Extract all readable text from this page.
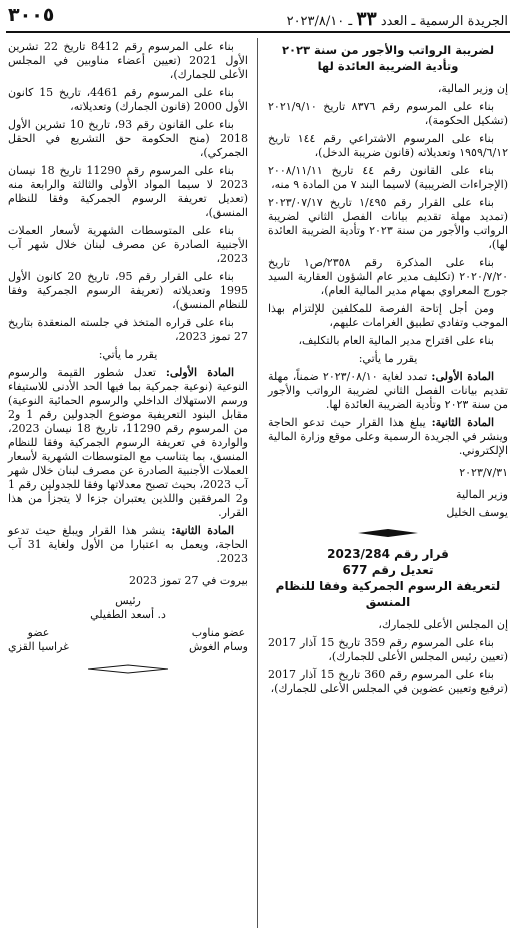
٣٠٠٥	الجريدة الرسمية ـ العدد ٣٣ ـ ٢٠٢٣/٨/١٠
لضريبة الرواتب والأجور من سنة ٢٠٢٣
وتأدية الضريبة العائدة لها

إن وزير المالية،

بناء على المرسوم رقم ٨٣٧٦ تاريخ ٢٠٢١/٩/١٠ (تشكيل الحكومة)،

بناء على المرسوم الاشتراعي رقم ١٤٤ تاريخ ١٩٥٩/٦/١٢ وتعديلاته (قانون ضريبة الدخل)،

بناء على القانون رقم ٤٤ تاريخ ٢٠٠٨/١١/١١ (الإجراءات الضريبية) لاسيما البند ٧ من المادة ٩ منه،

بناء على القرار رقم ١/٤٩٥ تاريخ ٢٠٢٣/٠٧/١٧ (تمديد مهلة تقديم بيانات الفصل الثاني لضريبة الرواتب والأجور من سنة ٢٠٢٣ وتأدية الضريبة العائدة لها)،

بناء على المذكرة رقم ٢٣٥٨/ص١ تاريخ ٢٠٢٠/٧/٢٠ (تكليف مدير عام الشؤون العقارية السيد جورج المعراوي بمهام مدير المالية العام)،

ومن أجل إتاحة الفرصة للمكلفين للإلتزام بهذا الموجب وتفادي تطبيق الغرامات عليهم،

بناء على اقتراح مدير المالية العام بالتكليف،

يقرر ما يأتي:

المادة الأولى: تمدد لغاية ٢٠٢٣/٠٨/١٠ ضمناً، مهلة تقديم بيانات الفصل الثاني لضريبة الرواتب والأجور من سنة ٢٠٢٣ وتأدية الضريبة العائدة لها.

المادة الثانية: يبلغ هذا القرار حيث تدعو الحاجة وينشر في الجريدة الرسمية وعلى موقع وزارة المالية الإلكتروني.

٢٠٢٣/٧/٣١

وزير المالية

يوسف الخليل

قرار رقم 2023/284
تعديل رقم 677
لتعريفة الرسوم الجمركية وفقا للنظام المنسق

إن المجلس الأعلى للجمارك،

بناء على المرسوم رقم 359 تاريخ 15 آذار 2017 (تعيين رئيس المجلس الأعلى للجمارك)،

بناء على المرسوم رقم 360 تاريخ 15 آذار 2017 (ترفيع وتعيين عضوين في المجلس الأعلى للجمارك)،

بناء على المرسوم رقم 8412 تاريخ 22 تشرين الأول 2021 (تعيين أعضاء مناوبين في المجلس الأعلى للجمارك)،

بناء على المرسوم رقم 4461، تاريخ 15 كانون الأول 2000 (قانون الجمارك) وتعديلاته،

بناء على القانون رقم 93، تاريخ 10 تشرين الأول 2018 (منح الحكومة حق التشريع في الحقل الجمركي)،

بناء على المرسوم رقم 11290 تاريخ 18 نيسان 2023 لا سيما المواد الأولى والثالثة والرابعة منه (تعديل تعريفة الرسوم الجمركية وفقا للنظام المنسق)،

بناء على المتوسطات الشهرية لأسعار العملات الأجنبية الصادرة عن مصرف لبنان خلال شهر آب 2023،

بناء على القرار رقم 95، تاريخ 20 كانون الأول 1995 وتعديلاته (تعريفة الرسوم الجمركية وفقا للنظام المنسق)،

بناء على قراره المتخذ في جلسته المنعقدة بتاريخ 27 تموز 2023،

يقرر ما يأتي:

المادة الأولى: تعدل شطور القيمة والرسوم النوعية (نوعية جمركية بما فيها الحد الأدنى للاستيفاء ورسم الاستهلاك الداخلي والرسوم الحمائية النوعية) مقابل البنود التعريفية موضوع الجدولين رقم 1 و2 من المرسوم رقم 11290، تاريخ 18 نيسان 2023، والواردة في تعريفة الرسوم الجمركية وفقا للنظام المنسق، بما يتناسب مع المتوسطات الشهرية لأسعار العملات الأجنبية الصادرة عن مصرف لبنان خلال شهر آب 2023، بحيث تصبح معدلاتها وفقا للجدولين رقم 1 و2 المرفقين واللذين يعتبران جزءا لا يتجزأ من هذا القرار.

المادة الثانية: ينشر هذا القرار ويبلغ حيث تدعو الحاجة، ويعمل به اعتبارا من الأول ولغاية 31 آب 2023.

بيروت في 27 تموز 2023

رئيس

د. أسعد الطفيلي

عضو مناوب
وسام الغوش
عضو
غراسيا القزي
